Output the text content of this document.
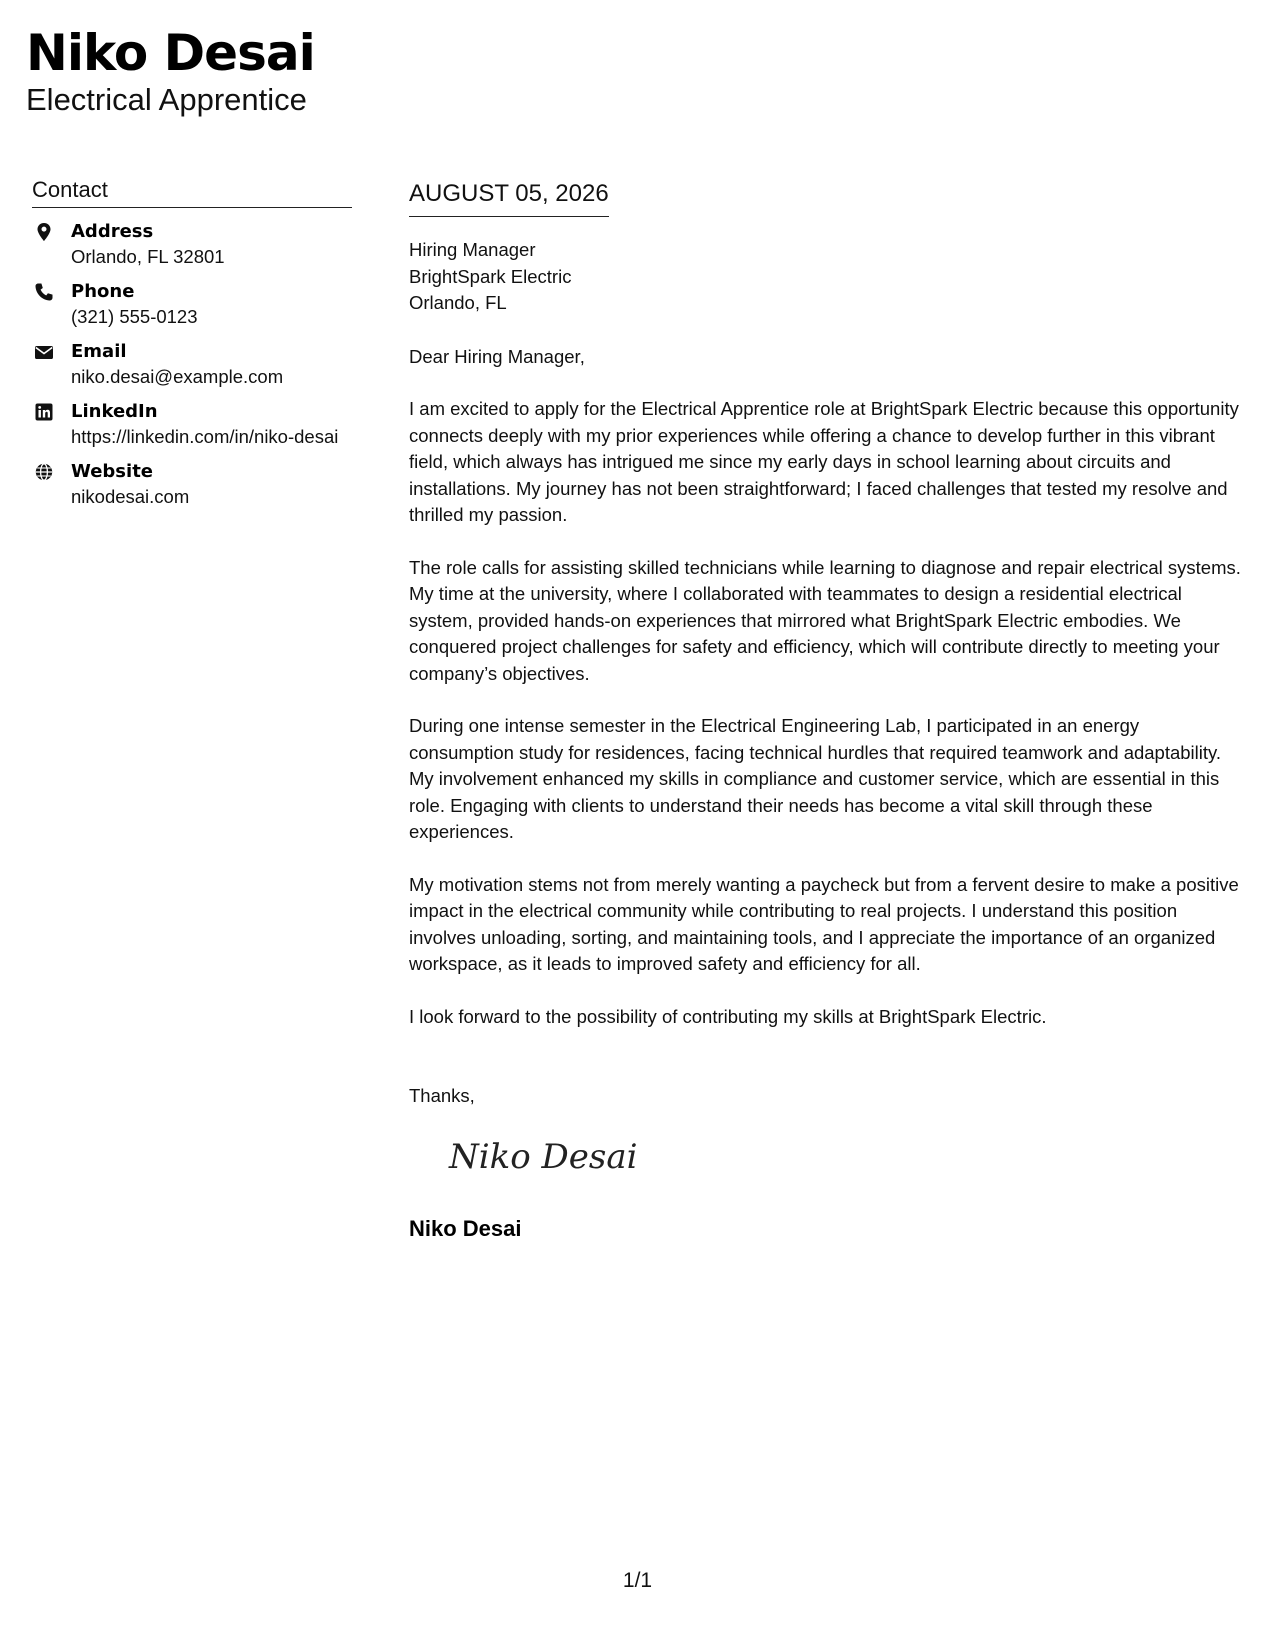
Niko Desai
Electrical Apprentice
Contact
Address
Orlando, FL 32801
Phone
(321) 555-0123
Email
niko.desai@example.com
LinkedIn
https://linkedin.com/in/niko-desai
Website
nikodesai.com
AUGUST 05, 2026
Hiring Manager
BrightSpark Electric
Orlando, FL
Dear Hiring Manager,
I am excited to apply for the Electrical Apprentice role at BrightSpark Electric because this opportunity connects deeply with my prior experiences while offering a chance to develop further in this vibrant field, which always has intrigued me since my early days in school learning about circuits and installations. My journey has not been straightforward; I faced challenges that tested my resolve and thrilled my passion.
The role calls for assisting skilled technicians while learning to diagnose and repair electrical systems. My time at the university, where I collaborated with teammates to design a residential electrical system, provided hands-on experiences that mirrored what BrightSpark Electric embodies. We conquered project challenges for safety and efficiency, which will contribute directly to meeting your company’s objectives.
During one intense semester in the Electrical Engineering Lab, I participated in an energy consumption study for residences, facing technical hurdles that required teamwork and adaptability. My involvement enhanced my skills in compliance and customer service, which are essential in this role. Engaging with clients to understand their needs has become a vital skill through these experiences.
My motivation stems not from merely wanting a paycheck but from a fervent desire to make a positive impact in the electrical community while contributing to real projects. I understand this position involves unloading, sorting, and maintaining tools, and I appreciate the importance of an organized workspace, as it leads to improved safety and efficiency for all.
I look forward to the possibility of contributing my skills at BrightSpark Electric.
Thanks,
Niko Desai
Niko Desai
1/1
